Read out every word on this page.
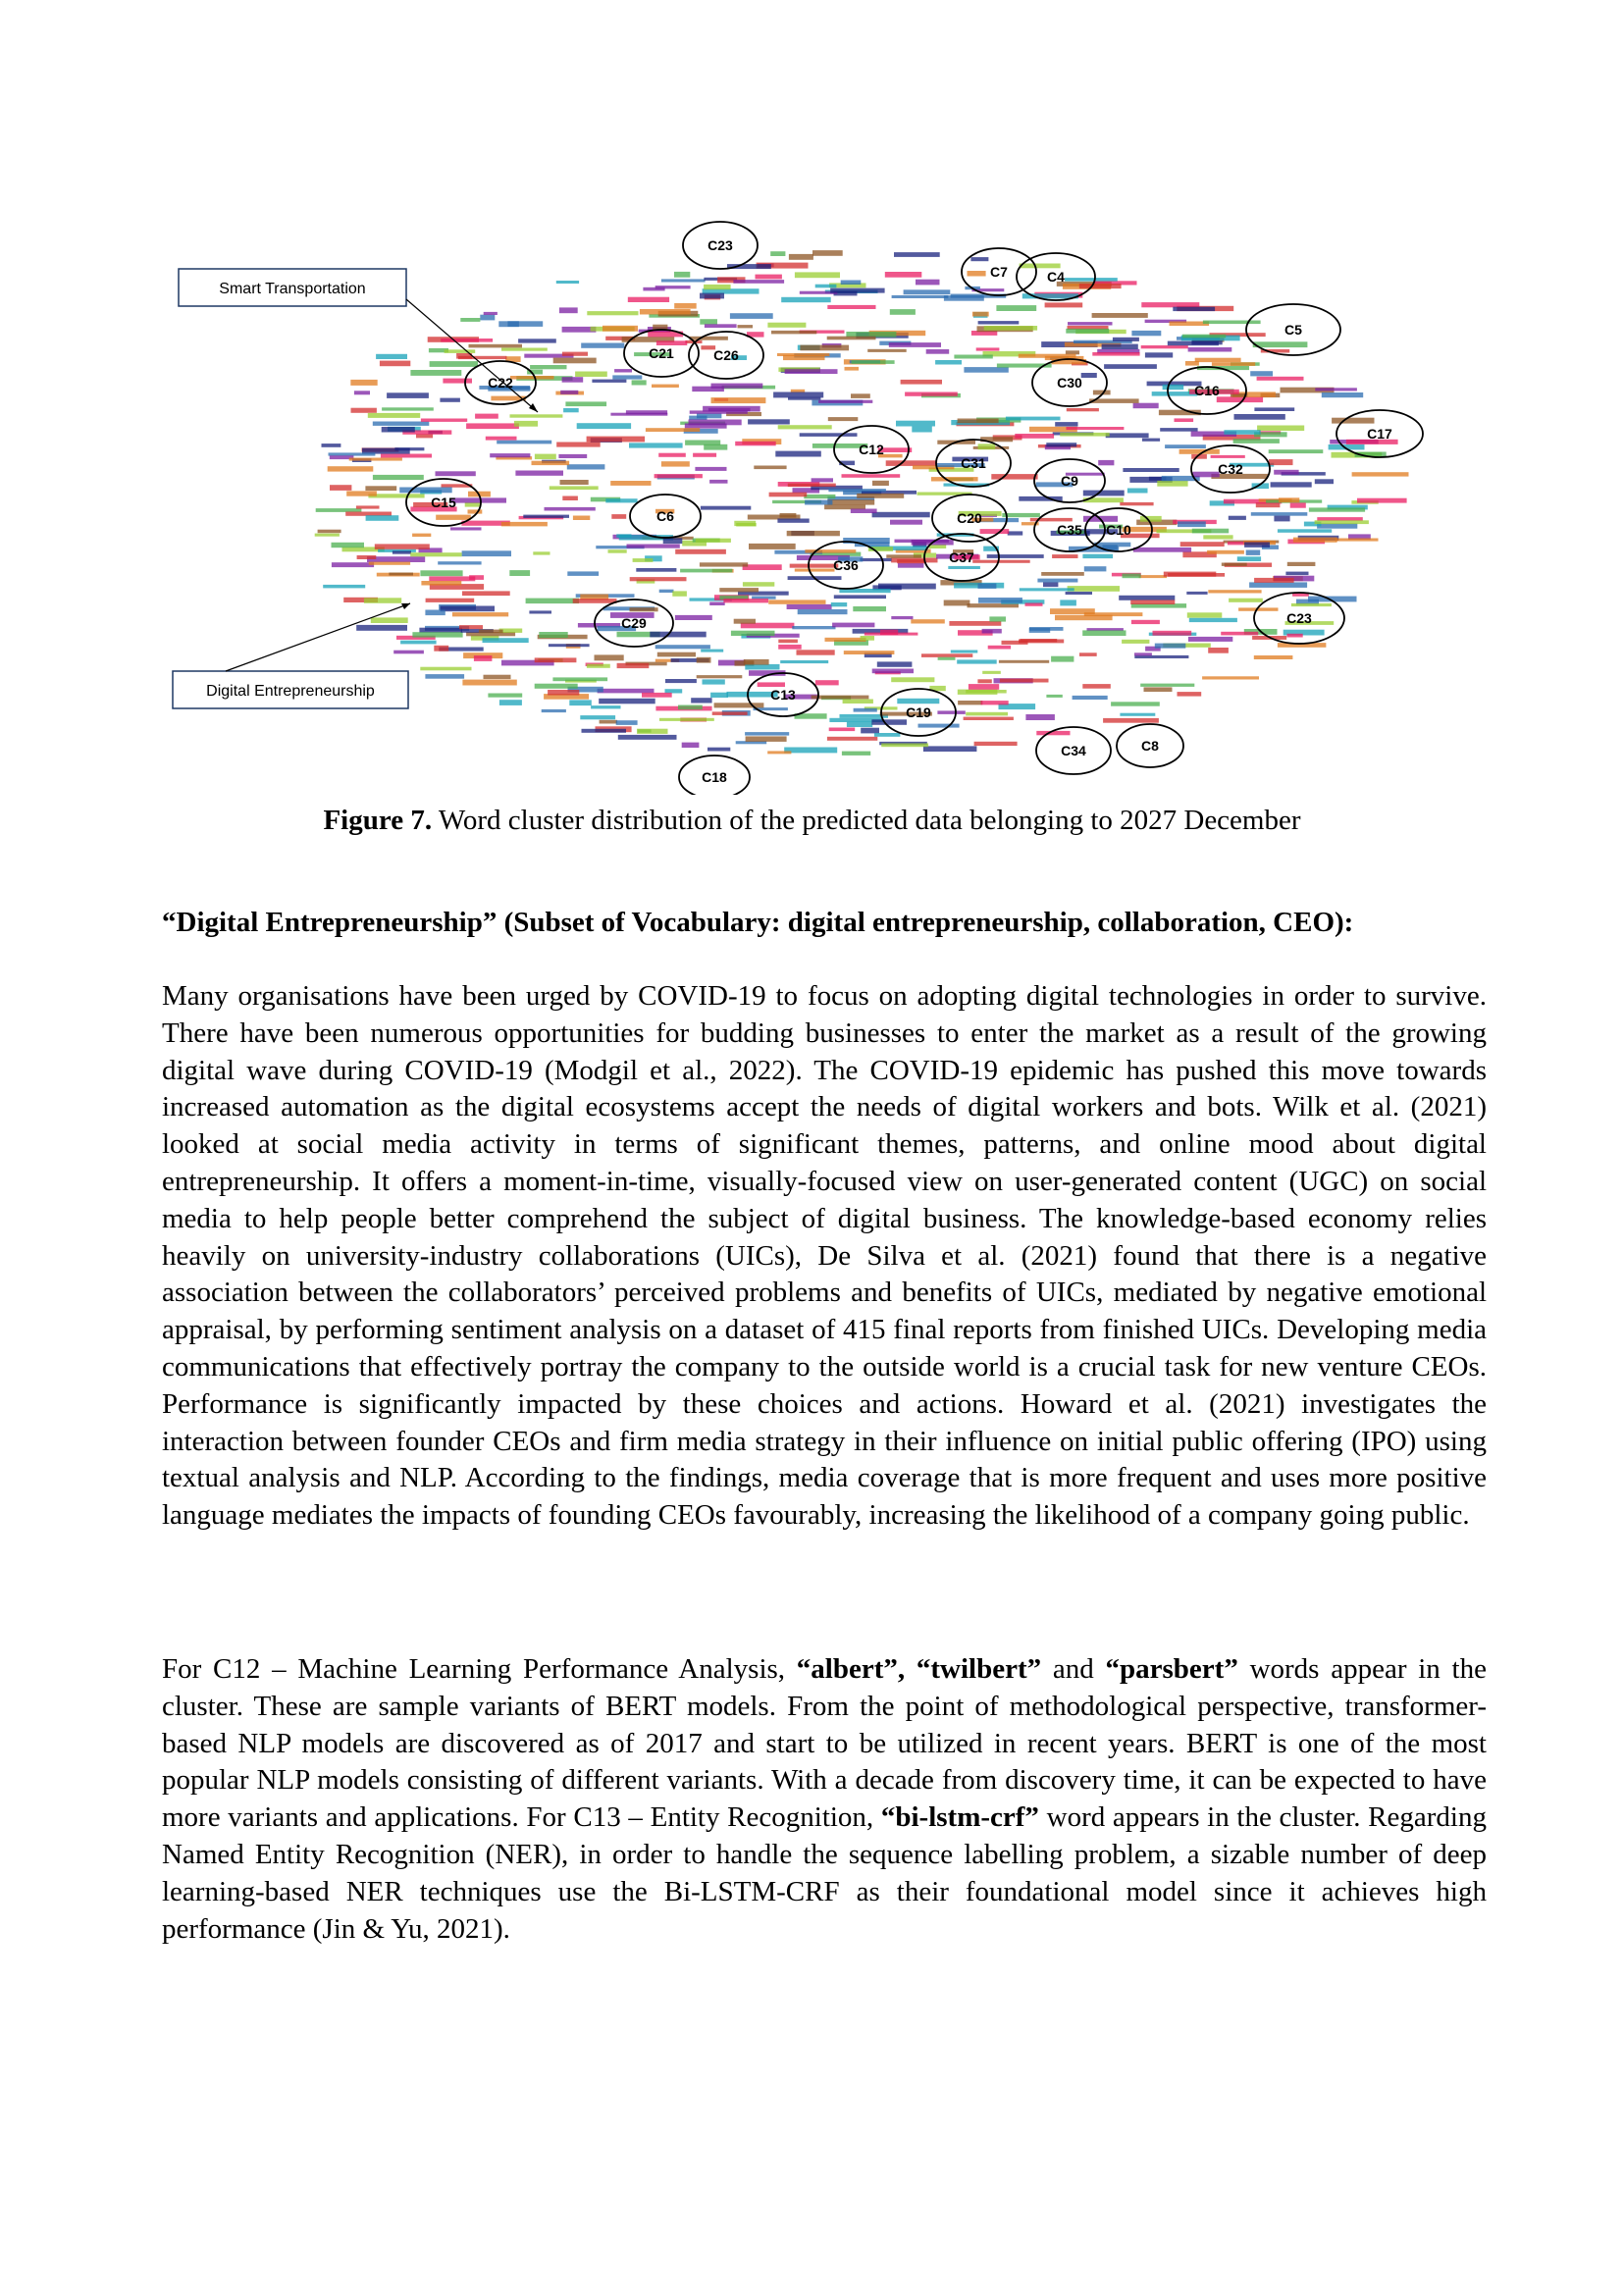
C23
C7	C4
C5
C21	C26
C22	C30	C16
C17
C12
C31	C32
C9
C15
C6	C20
C35 C10
C37
C36
C29	C23
C13
C19
C34	C8
C18
Smart Transportation
Digital Entrepreneurship
Figure 7. Word cluster distribution of the predicted data belonging to 2027 December
“Digital Entrepreneurship” (Subset of Vocabulary: digital entrepreneurship, collaboration, CEO):

Many organisations have been urged by COVID-19 to focus on adopting digital technologies in order to survive. There have been numerous opportunities for budding businesses to enter the market as a result of the growing digital wave during COVID-19 (Modgil et al., 2022). The COVID-19 epidemic has pushed this move towards increased automation as the digital ecosystems accept the needs of digital workers and bots. Wilk et al. (2021) looked at social media activity in terms of significant themes, patterns, and online mood about digital entrepreneurship. It offers a moment-in-time, visually-focused view on user-generated content (UGC) on social media to help people better comprehend the subject of digital business. The knowledge-based economy relies heavily on university-industry collaborations (UICs), De Silva et al. (2021) found that there is a negative association between the collaborators’ perceived problems and benefits of UICs, mediated by negative emotional appraisal, by performing sentiment analysis on a dataset of 415 final reports from finished UICs. Developing media communications that effectively portray the company to the outside world is a crucial task for new venture CEOs. Performance is significantly impacted by these choices and actions. Howard et al. (2021) investigates the interaction between founder CEOs and firm media strategy in their influence on initial public offering (IPO) using textual analysis and NLP. According to the findings, media coverage that is more frequent and uses more positive language mediates the impacts of founding CEOs favourably, increasing the likelihood of a company going public.

For C12 – Machine Learning Performance Analysis, “albert”, “twilbert” and “parsbert” words appear in the cluster. These are sample variants of BERT models. From the point of methodological perspective, transformer-based NLP models are discovered as of 2017 and start to be utilized in recent years. BERT is one of the most popular NLP models consisting of different variants. With a decade from discovery time, it can be expected to have more variants and applications. For C13 – Entity Recognition, “bi-lstm-crf” word appears in the cluster. Regarding Named Entity Recognition (NER), in order to handle the sequence labelling problem, a sizable number of deep learning-based NER techniques use the Bi-LSTM-CRF as their foundational model since it achieves high performance (Jin & Yu, 2021).
